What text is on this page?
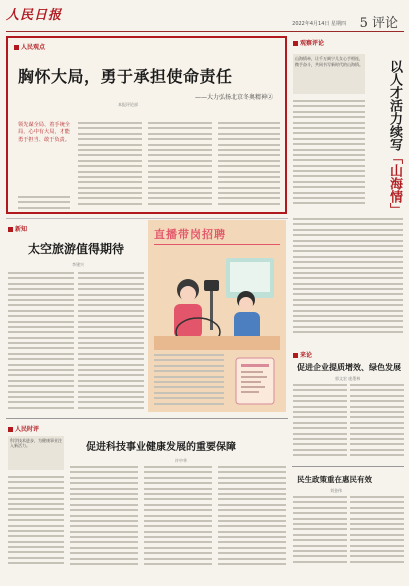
人民日报
2022年4月14日 星期四 5 评论
人民观点
胸怀大局，勇于承担使命责任
——大力弘扬北京冬奥精神②
本报评论部
领先谋全局、着手统全局，心中有大局，才能勇于担当、敢于负责。
观察评论
山海情牵，让千万闽宁儿女心手相连，携手奋斗，共同书写新时代的山海情。	以人才活力续写「山海情」
新知
太空旅游值得期待
李建兴
直播带岗招聘
来论
促进企业提质增效、绿色发展
郭文宏 庞墨林
人民时评
科学技术进步，为健康事业注入新活力。	促进科技事业健康发展的重要保障
许中华
民生政策重在惠民有效
刘金伟
